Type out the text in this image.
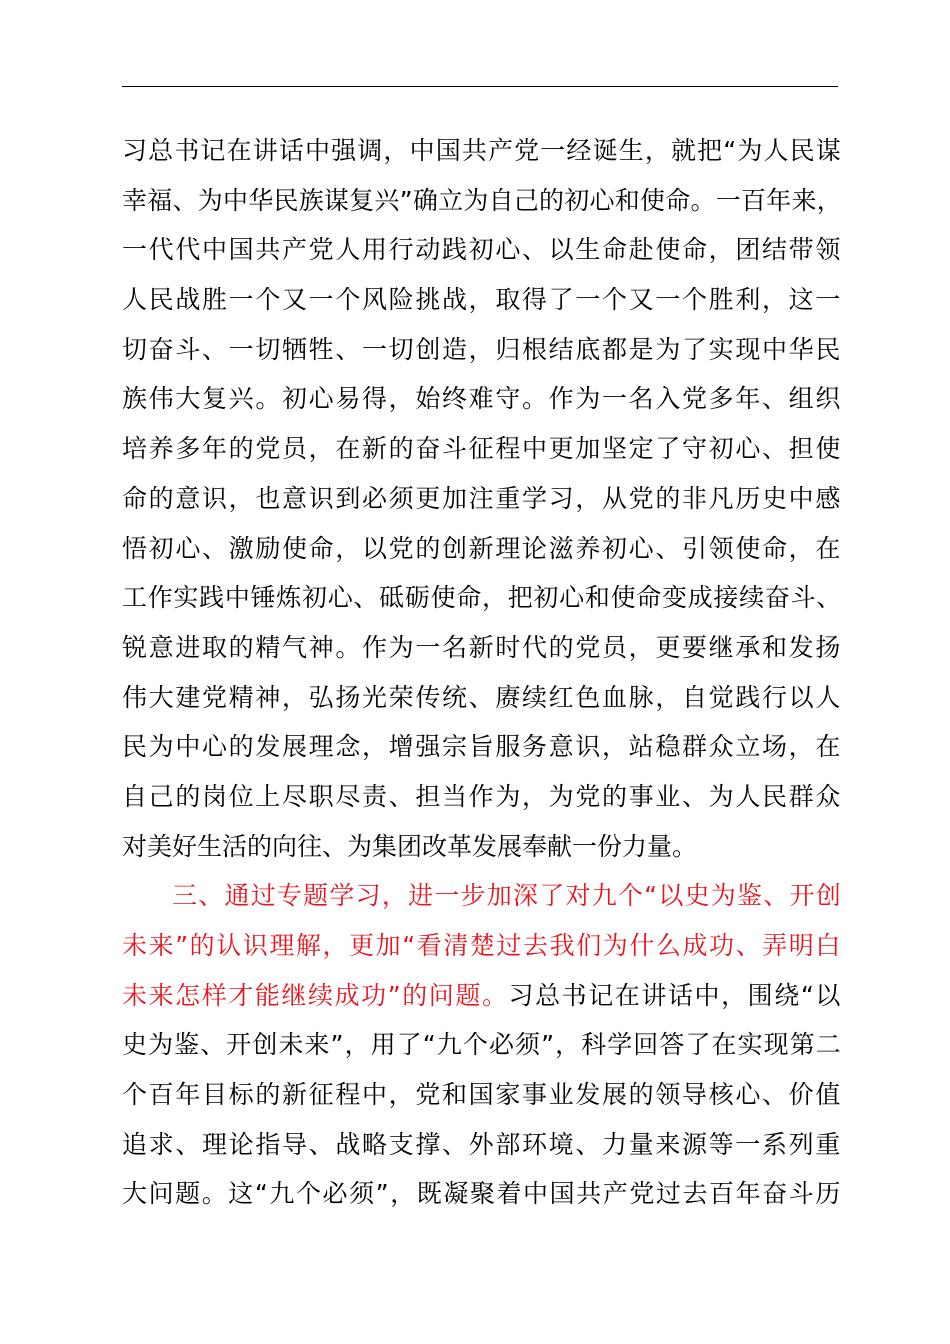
习总书记在讲话中强调，中国共产党一经诞生，就把“为人民谋
幸福、为中华民族谋复兴”确立为自己的初心和使命。一百年来，
一代代中国共产党人用行动践初心、以生命赴使命，团结带领
人民战胜一个又一个风险挑战，取得了一个又一个胜利，这一
切奋斗、一切牺牲、一切创造，归根结底都是为了实现中华民
族伟大复兴。初心易得，始终难守。作为一名入党多年、组织
培养多年的党员，在新的奋斗征程中更加坚定了守初心、担使
命的意识，也意识到必须更加注重学习，从党的非凡历史中感
悟初心、激励使命，以党的创新理论滋养初心、引领使命，在
工作实践中锤炼初心、砥砺使命，把初心和使命变成接续奋斗、
锐意进取的精气神。作为一名新时代的党员，更要继承和发扬
伟大建党精神，弘扬光荣传统、赓续红色血脉，自觉践行以人
民为中心的发展理念，增强宗旨服务意识，站稳群众立场，在
自己的岗位上尽职尽责、担当作为，为党的事业、为人民群众
对美好生活的向往、为集团改革发展奉献一份力量。
三、通过专题学习，进一步加深了对九个“以史为鉴、开创
未来”的认识理解，更加“看清楚过去我们为什么成功、弄明白
未来怎样才能继续成功”的问题。习总书记在讲话中，围绕“以
史为鉴、开创未来”，用了“九个必须”，科学回答了在实现第二
个百年目标的新征程中，党和国家事业发展的领导核心、价值
追求、理论指导、战略支撑、外部环境、力量来源等一系列重
大问题。这“九个必须”，既凝聚着中国共产党过去百年奋斗历
